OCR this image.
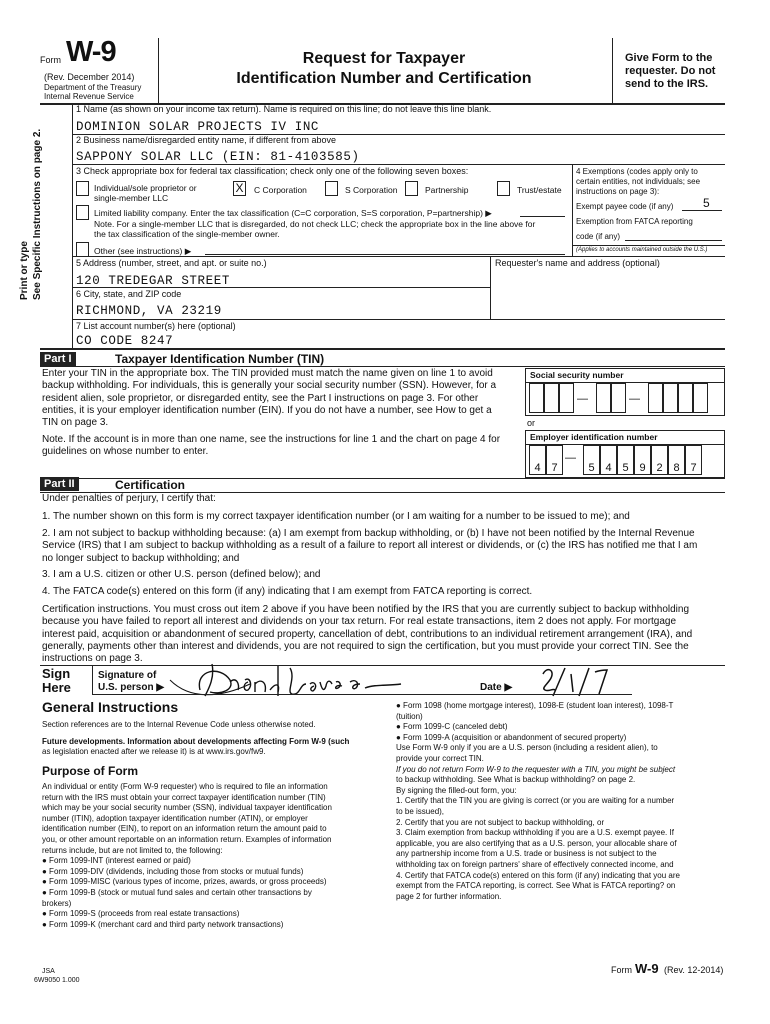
Form W-9
(Rev. December 2014)
Department of the Treasury
Internal Revenue Service
Request for Taxpayer
Identification Number and Certification
Give Form to the
requester. Do not
send to the IRS.
Print or type
See Specific Instructions on page 2.
1 Name (as shown on your income tax return). Name is required on this line; do not leave this line blank.
DOMINION SOLAR PROJECTS IV INC
2 Business name/disregarded entity name, if different from above
SAPPONY SOLAR LLC (EIN: 81-4103585)
3 Check appropriate box for federal tax classification; check only one of the following seven boxes:
Individual/sole proprietor or
single-member LLC
X C Corporation	S Corporation	Partnership	Trust/estate
Limited liability company. Enter the tax classification (C=C corporation, S=S corporation, P=partnership) ▶
Note. For a single-member LLC that is disregarded, do not check LLC; check the appropriate box in the line above for
the tax classification of the single-member owner.
Other (see instructions) ▶
4 Exemptions (codes apply only to
certain entities, not individuals; see
instructions on page 3):
Exempt payee code (if any) 5
Exemption from FATCA reporting
code (if any)
(Applies to accounts maintained outside the U.S.)
5 Address (number, street, and apt. or suite no.)	Requester's name and address (optional)
120 TREDEGAR STREET
6 City, state, and ZIP code
RICHMOND, VA 23219
7 List account number(s) here (optional)
CO CODE 8247
Part I	Taxpayer Identification Number (TIN)
Enter your TIN in the appropriate box. The TIN provided must match the name given on line 1 to avoid
backup withholding. For individuals, this is generally your social security number (SSN). However, for a
resident alien, sole proprietor, or disregarded entity, see the Part I instructions on page 3. For other
entities, it is your employer identification number (EIN). If you do not have a number, see How to get a
TIN on page 3.
Note. If the account is in more than one name, see the instructions for line 1 and the chart on page 4 for
guidelines on whose number to enter.
Social security number
—	—
or
Employer identification number
4 7
—
5 4 5 9 2 8 7
Part II	Certification
Under penalties of perjury, I certify that:
1. The number shown on this form is my correct taxpayer identification number (or I am waiting for a number to be issued to me); and
2. I am not subject to backup withholding because: (a) I am exempt from backup withholding, or (b) I have not been notified by the Internal Revenue
Service (IRS) that I am subject to backup withholding as a result of a failure to report all interest or dividends, or (c) the IRS has notified me that I am
no longer subject to backup withholding; and
3. I am a U.S. citizen or other U.S. person (defined below); and
4. The FATCA code(s) entered on this form (if any) indicating that I am exempt from FATCA reporting is correct.
Certification instructions. You must cross out item 2 above if you have been notified by the IRS that you are currently subject to backup withholding
because you have failed to report all interest and dividends on your tax return. For real estate transactions, item 2 does not apply. For mortgage
interest paid, acquisition or abandonment of secured property, cancellation of debt, contributions to an individual retirement arrangement (IRA), and
generally, payments other than interest and dividends, you are not required to sign the certification, but you must provide your correct TIN. See the
instructions on page 3.
Sign
Here
Signature of
U.S. person ▶	Date ▶
General Instructions

Section references are to the Internal Revenue Code unless otherwise noted.

Future developments. Information about developments affecting Form W-9 (such

as legislation enacted after we release it) is at www.irs.gov/fw9.

Purpose of Form

An individual or entity (Form W-9 requester) who is required to file an information

return with the IRS must obtain your correct taxpayer identification number (TIN)

which may be your social security number (SSN), individual taxpayer identification

number (ITIN), adoption taxpayer identification number (ATIN), or employer

identification number (EIN), to report on an information return the amount paid to

you, or other amount reportable on an information return. Examples of information

returns include, but are not limited to, the following:

● Form 1099-INT (interest earned or paid)

● Form 1099-DIV (dividends, including those from stocks or mutual funds)

● Form 1099-MISC (various types of income, prizes, awards, or gross proceeds)

● Form 1099-B (stock or mutual fund sales and certain other transactions by

brokers)

● Form 1099-S (proceeds from real estate transactions)

● Form 1099-K (merchant card and third party network transactions)

● Form 1098 (home mortgage interest), 1098-E (student loan interest), 1098-T

(tuition)

● Form 1099-C (canceled debt)

● Form 1099-A (acquisition or abandonment of secured property)

Use Form W-9 only if you are a U.S. person (including a resident alien), to

provide your correct TIN.

If you do not return Form W-9 to the requester with a TIN, you might be subject

to backup withholding. See What is backup withholding? on page 2.

By signing the filled-out form, you:

1. Certify that the TIN you are giving is correct (or you are waiting for a number

to be issued),

2. Certify that you are not subject to backup withholding, or

3. Claim exemption from backup withholding if you are a U.S. exempt payee. If

applicable, you are also certifying that as a U.S. person, your allocable share of

any partnership income from a U.S. trade or business is not subject to the

withholding tax on foreign partners' share of effectively connected income, and

4. Certify that FATCA code(s) entered on this form (if any) indicating that you are

exempt from the FATCA reporting, is correct. See What is FATCA reporting? on

page 2 for further information.

JSA
6W9050 1.000
Form W-9 (Rev. 12-2014)
